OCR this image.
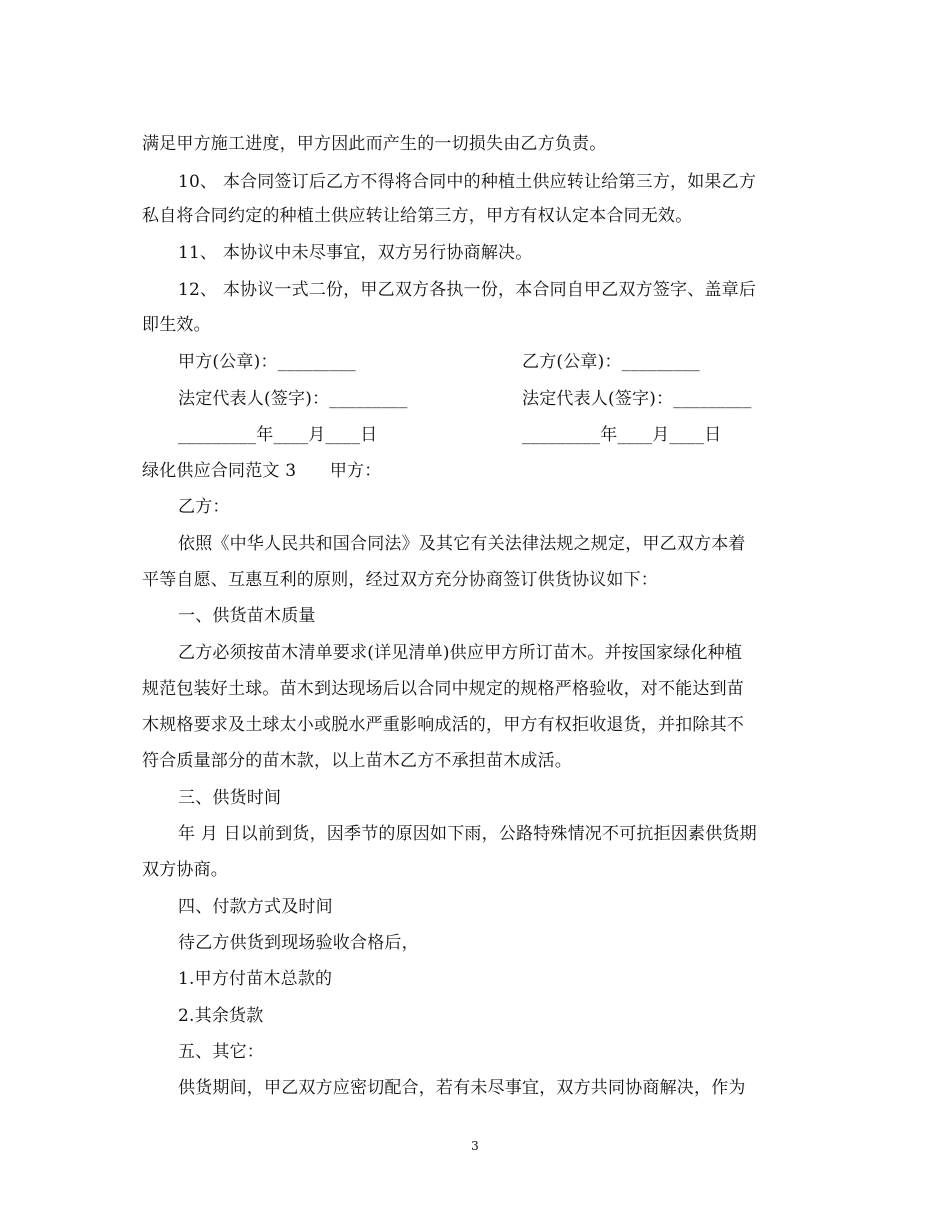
满足甲方施工进度，甲方因此而产生的一切损失由乙方负责。
10、 本合同签订后乙方不得将合同中的种植土供应转让给第三方，如果乙方
私自将合同约定的种植土供应转让给第三方，甲方有权认定本合同无效。
11、 本协议中未尽事宜，双方另行协商解决。
12、 本协议一式二份，甲乙双方各执一份，本合同自甲乙双方签字、盖章后
即生效。
甲方(公章)：_________	乙方(公章)：_________
法定代表人(签字)：_________	法定代表人(签字)：_________
_________年____月____日	_________年____月____日
绿化供应合同范文 3      甲方：
乙方：
依照《中华人民共和国合同法》及其它有关法律法规之规定，甲乙双方本着
平等自愿、互惠互利的原则，经过双方充分协商签订供货协议如下：
一、供货苗木质量
乙方必须按苗木清单要求(详见清单)供应甲方所订苗木。并按国家绿化种植
规范包装好土球。苗木到达现场后以合同中规定的规格严格验收，对不能达到苗
木规格要求及土球太小或脱水严重影响成活的，甲方有权拒收退货，并扣除其不
符合质量部分的苗木款，以上苗木乙方不承担苗木成活。
三、供货时间
年 月 日以前到货，因季节的原因如下雨，公路特殊情况不可抗拒因素供货期
双方协商。
四、付款方式及时间
待乙方供货到现场验收合格后，
1.甲方付苗木总款的
2.其余货款
五、其它：
供货期间，甲乙双方应密切配合，若有未尽事宜，双方共同协商解决，作为
3
